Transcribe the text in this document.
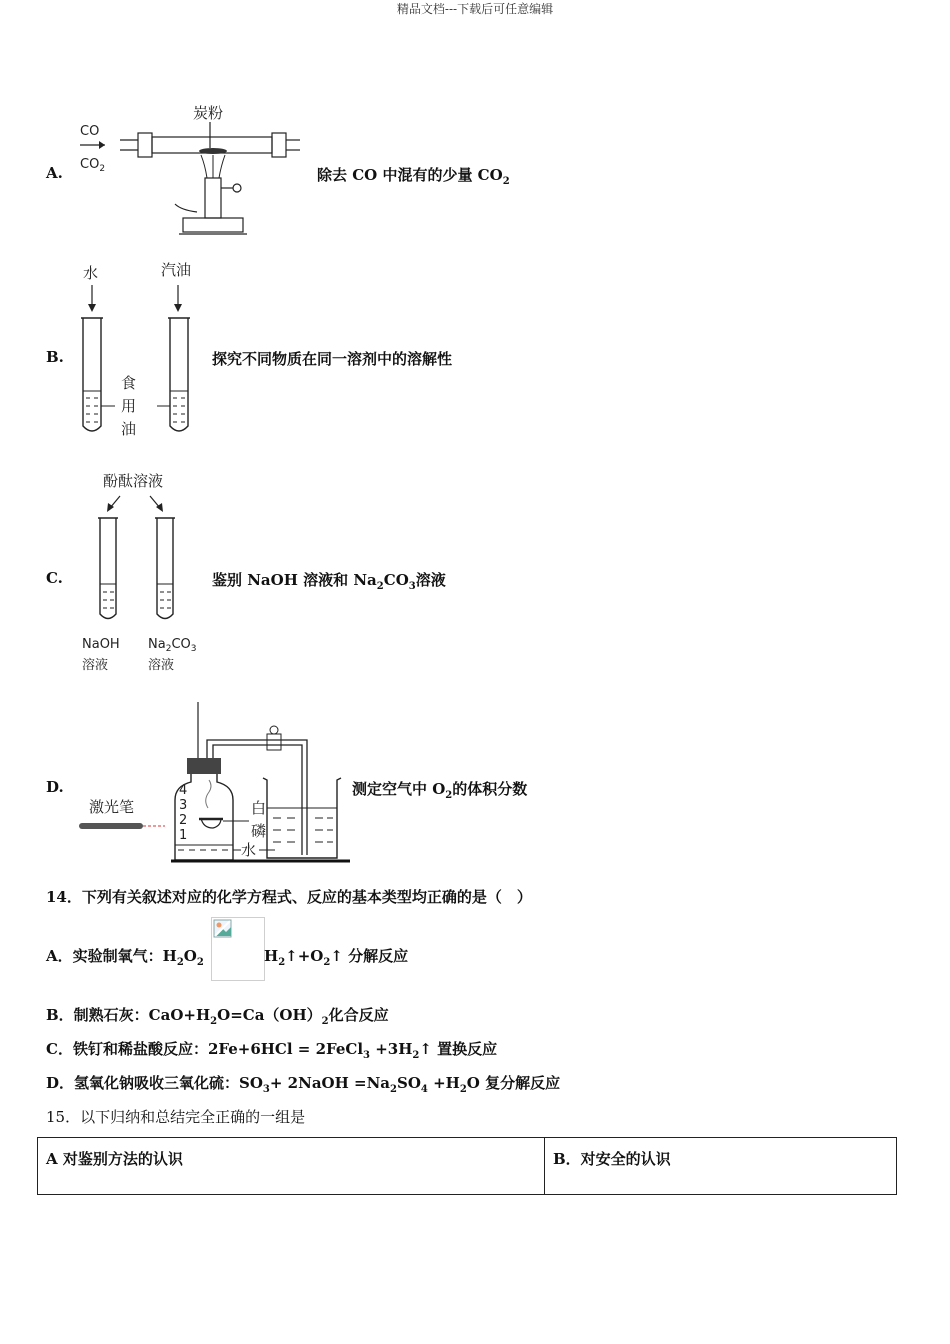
精品文档---下载后可任意编辑
A.
炭粉
CO
$CO_2$	除去 CO 中混有的少量 $CO_2$
B.
水	汽油
食
用
油
探究不同物质在同一溶剂中的溶解性
C.
酚酞溶液
NaOH
溶液
$Na_2CO_3$
溶液
鉴别 NaOH 溶液和 $Na_2CO_3$溶液
D.	4
3
2
1
激光笔	白
磷
水
测定空气中 $O_2$的体积分数
14．下列有关叙述对应的化学方程式、反应的基本类型均正确的是（　）
A．实验制氧气：$H_2O_2$	$H_2↑+O_2↑$ 分解反应
B．制熟石灰：$CaO+H_2O=Ca(OH)_2$化合反应
C．铁钉和稀盐酸反应：2Fe+6HCl = 2FeCl$_3$ $+3H_2↑$ 置换反应
D．氢氧化钠吸收三氧化硫：$SO_3+$ 2NaOH $=Na_2SO_4 +H_2O$ 复分解反应
15．以下归纳和总结完全正确的一组是
A 对鉴别方法的认识	B．对安全的认识
